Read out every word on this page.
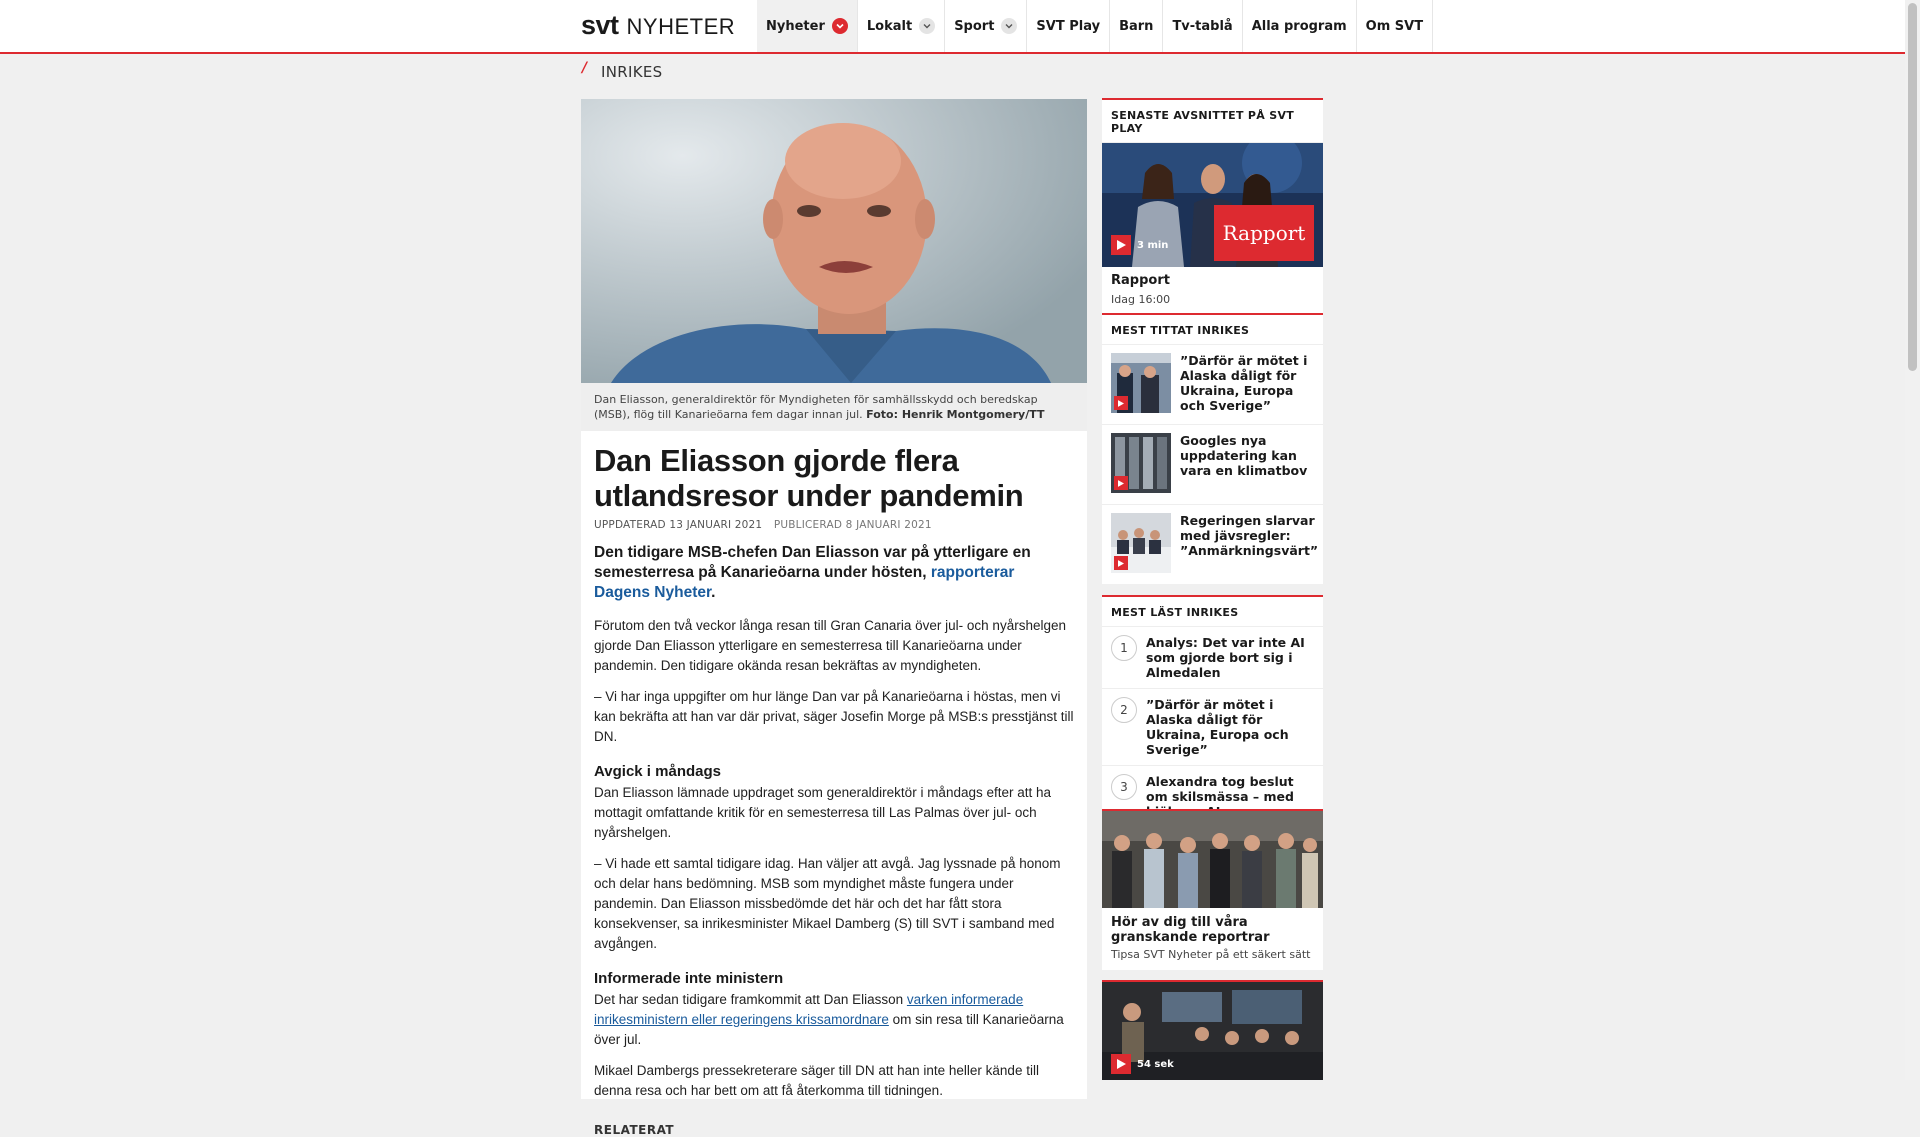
svt NYHETER Nyheter	Lokalt	Sport	SVT Play Barn Tv-tablå Alla program Om SVT
/ INRIKES
Dan Eliasson, generaldirektör för Myndigheten för samhällsskydd och beredskap (MSB), flög till Kanarieöarna fem dagar innan jul. Foto: Henrik Montgomery/TT
Dan Eliasson gjorde flera utlandsresor under pandemin
UPPDATERAD 13 JANUARI 2021 PUBLICERAD 8 JANUARI 2021

Den tidigare MSB-chefen Dan Eliasson var på ytterligare en semesterresa på Kanarieöarna under hösten, rapporterar Dagens Nyheter.

Förutom den två veckor långa resan till Gran Canaria över jul- och nyårshelgen gjorde Dan Eliasson ytterligare en semesterresa till Kanarieöarna under pandemin. Den tidigare okända resan bekräftas av myndigheten.

– Vi har inga uppgifter om hur länge Dan var på Kanarieöarna i höstas, men vi kan bekräfta att han var där privat, säger Josefin Morge på MSB:s presstjänst till DN.

Avgick i måndags

Dan Eliasson lämnade uppdraget som generaldirektör i måndags efter att ha mottagit omfattande kritik för en semesterresa till Las Palmas över jul- och nyårshelgen.

– Vi hade ett samtal tidigare idag. Han väljer att avgå. Jag lyssnade på honom och delar hans bedömning. MSB som myndighet måste fungera under pandemin. Dan Eliasson missbedömde det här och det har fått stora konsekvenser, sa inrikesminister Mikael Damberg (S) till SVT i samband med avgången.

Informerade inte ministern

Det har sedan tidigare framkommit att Dan Eliasson varken informerade inrikesministern eller regeringens krissamordnare om sin resa till Kanarieöarna över jul.

Mikael Dambergs pressekreterare säger till DN att han inte heller kände till denna resa och har bett om att få återkomma till tidningen.

RELATERAT
SENASTE AVSNITTET PÅ SVT PLAY
Rapport
3 min
Rapport
Idag 16:00
MEST TITTAT INRIKES
”Därför är mötet i Alaska dåligt för Ukraina, Europa och Sverige”
Googles nya uppdatering kan vara en klimatbov
Regeringen slarvar med jävsregler: ”Anmärkningsvärt”
MEST LÄST INRIKES
1	Analys: Det var inte AI som gjorde bort sig i Almedalen
2	”Därför är mötet i Alaska dåligt för Ukraina, Europa och Sverige”
3	Alexandra tog beslut om skilsmässa – med
Hör av dig till våra granskande reportrar
Tipsa SVT Nyheter på ett säkert sätt
54 sek
